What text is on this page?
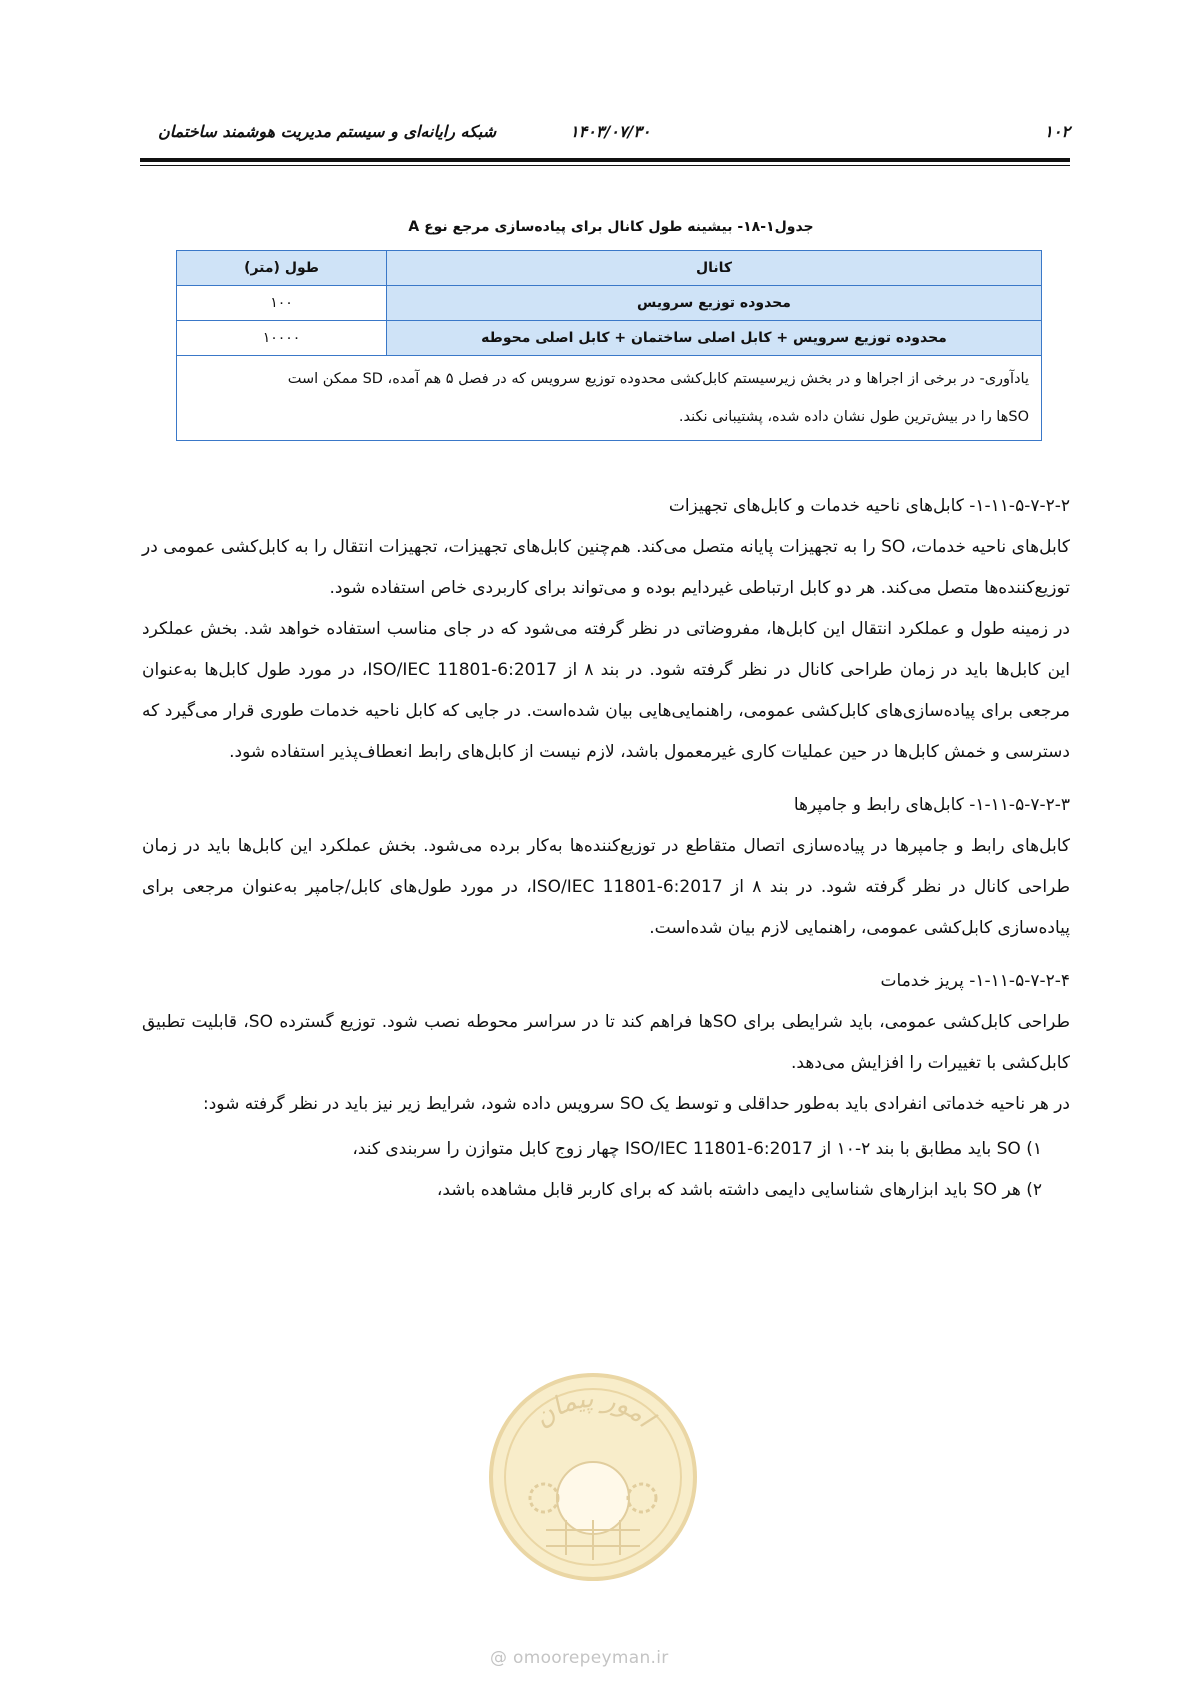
۱۰۲
۱۴۰۳/۰۷/۳۰
شبکه رایانه‌ای و سیستم مدیریت هوشمند ساختمان
جدول۱-۱۸- بیشینه طول کانال برای پیاده‌سازی مرجع نوع A
کانال	طول (متر)
محدوده توزیع سرویس	۱۰۰
محدوده توزیع سرویس + کابل اصلی ساختمان + کابل اصلی محوطه	۱۰۰۰۰

یادآوری- در برخی از اجراها و در بخش زیرسیستم کابل‌کشی محدوده توزیع سرویس که در فصل ۵ هم آمده، SD ممکن است
SOها را در بیش‌ترین طول نشان داده شده، پشتیبانی نکند.	
۱-۱۱-۵-۷-۲-۲- کابل‌های ناحیه خدمات و کابل‌های تجهیزات

کابل‌های ناحیه خدمات، SO را به تجهیزات پایانه متصل می‌کند. هم‌چنین کابل‌های تجهیزات، تجهیزات انتقال را به کابل‌کشی عمومی در توزیع‌کننده‌ها متصل می‌کند. هر دو کابل ارتباطی غیردایم بوده و می‌تواند برای کاربردی خاص استفاده شود.

در زمینه طول و عملکرد انتقال این کابل‌ها، مفروضاتی در نظر گرفته می‌شود که در جای مناسب استفاده خواهد شد. بخش عملکرد این کابل‌ها باید در زمان طراحی کانال در نظر گرفته شود. در بند ۸ از ISO/IEC 11801-6:2017، در مورد طول کابل‌ها به‌عنوان مرجعی برای پیاده‌سازی‌های کابل‌کشی عمومی، راهنمایی‌هایی بیان شده‌است. در جایی که کابل ناحیه خدمات طوری قرار می‌گیرد که دسترسی و خمش کابل‌ها در حین عملیات کاری غیرمعمول باشد، لازم نیست از کابل‌های رابط انعطاف‌پذیر استفاده شود.

۱-۱۱-۵-۷-۲-۳- کابل‌های رابط و جامپرها

کابل‌های رابط و جامپرها در پیاده‌سازی اتصال متقاطع در توزیع‌کننده‌ها به‌کار برده می‌شود. بخش عملکرد این کابل‌ها باید در زمان طراحی کانال در نظر گرفته شود. در بند ۸ از ISO/IEC 11801-6:2017، در مورد طول‌های کابل/جامپر به‌عنوان مرجعی برای پیاده‌سازی کابل‌کشی عمومی، راهنمایی لازم بیان شده‌است.

۱-۱۱-۵-۷-۲-۴- پریز خدمات

طراحی کابل‌کشی عمومی، باید شرایطی برای SOها فراهم کند تا در سراسر محوطه نصب شود. توزیع گسترده SO، قابلیت تطبیق کابل‌کشی با تغییرات را افزایش می‌دهد.

در هر ناحیه خدماتی انفرادی باید به‌طور حداقلی و توسط یک SO سرویس داده شود، شرایط زیر نیز باید در نظر گرفته شود:

۱) SO باید مطابق با بند ۲-۱۰ از ISO/IEC 11801-6:2017 چهار زوج کابل متوازن را سربندی کند،
۲) هر SO باید ابزارهای شناسایی دایمی داشته باشد که برای کاربر قابل مشاهده باشد،
امور پیمان
@ omoorepeyman.ir
